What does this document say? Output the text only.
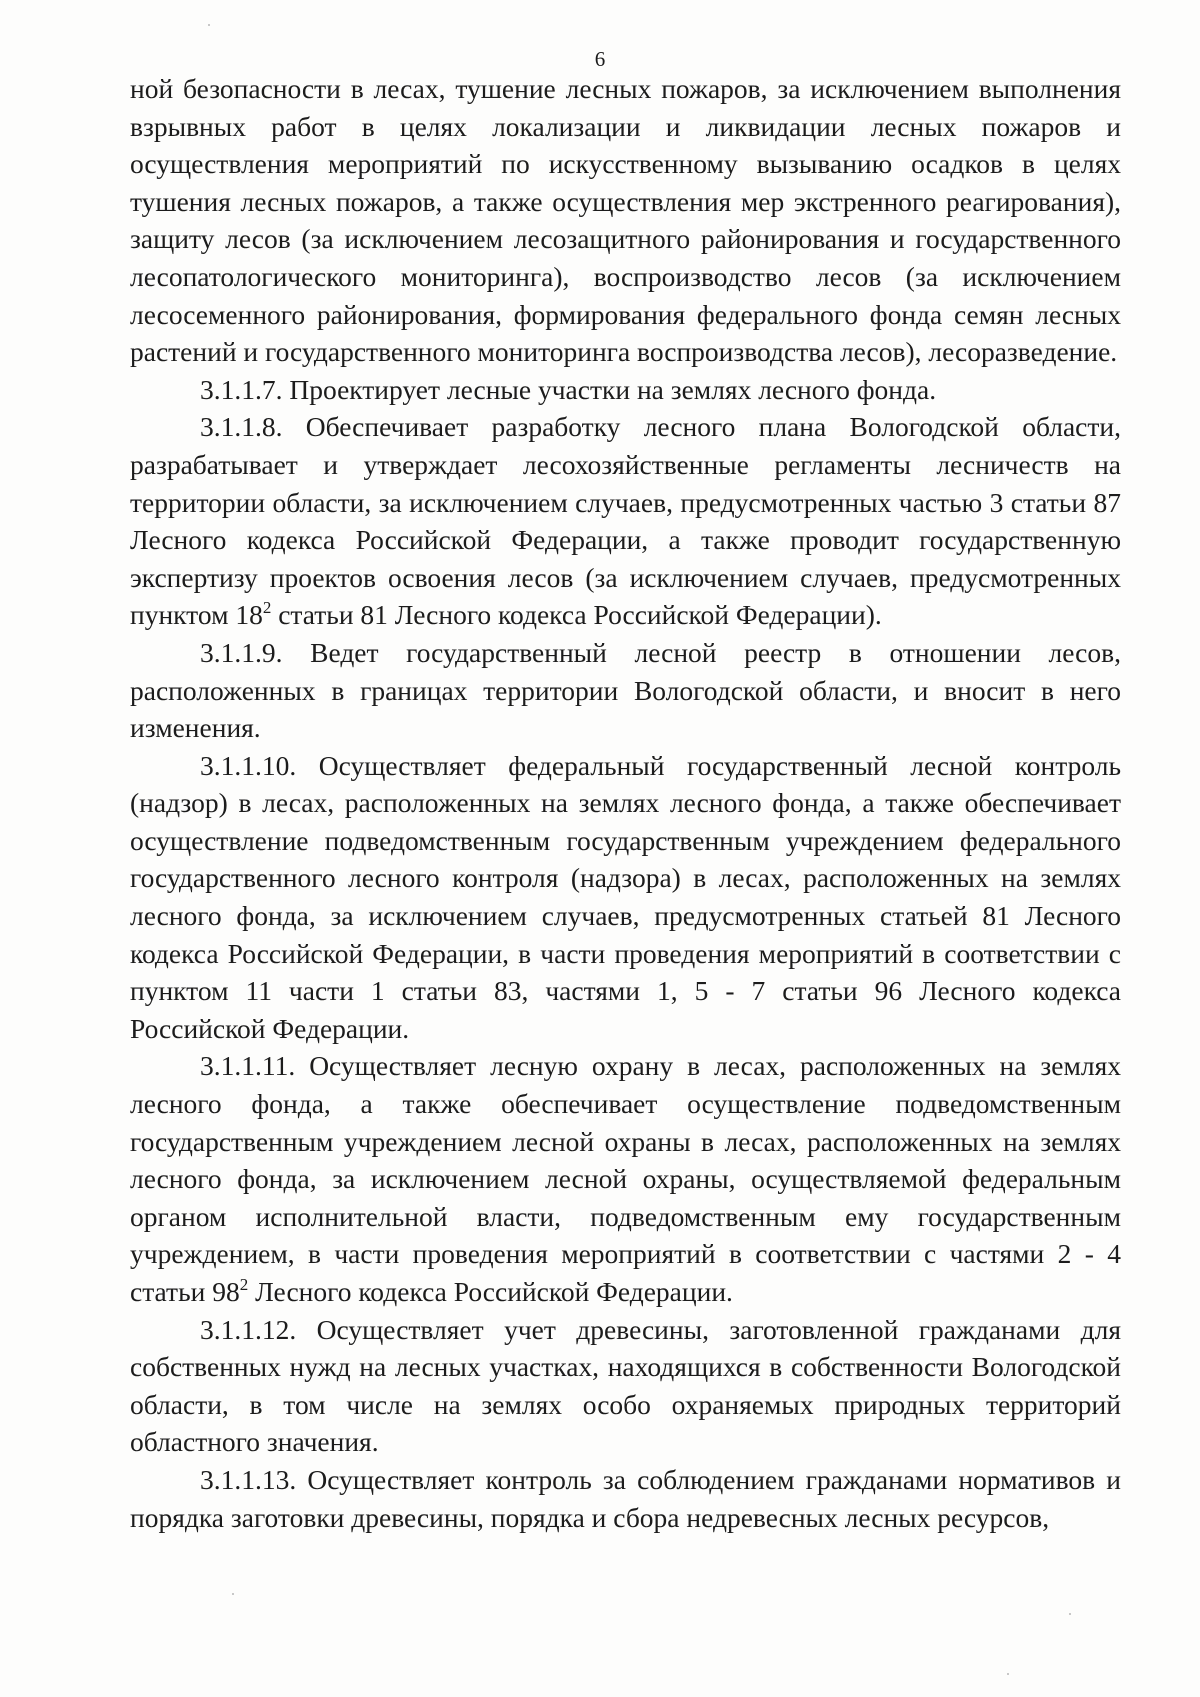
6

ной безопасности в лесах, тушение лесных пожаров, за исключением выполнения взрывных работ в целях локализации и ликвидации лесных пожаров и осуществления мероприятий по искусственному вызыванию осадков в целях тушения лесных пожаров, а также осуществления мер экстренного реагирования), защиту лесов (за исключением лесозащитного районирования и государственного лесопатологического мониторинга), воспроизводство лесов (за исключением лесосеменного районирования, формирования федерального фонда семян лесных растений и государственного мониторинга воспроизводства лесов), лесоразведение.

3.1.1.7. Проектирует лесные участки на землях лесного фонда.

3.1.1.8. Обеспечивает разработку лесного плана Вологодской области, разрабатывает и утверждает лесохозяйственные регламенты лесничеств на территории области, за исключением случаев, предусмотренных частью 3 статьи 87 Лесного кодекса Российской Федерации, а также проводит государственную экспертизу проектов освоения лесов (за исключением случаев, предусмотренных пунктом $18^2$ статьи 81 Лесного кодекса Российской Федерации).

3.1.1.9. Ведет государственный лесной реестр в отношении лесов, расположенных в границах территории Вологодской области, и вносит в него изменения.

3.1.1.10. Осуществляет федеральный государственный лесной контроль (надзор) в лесах, расположенных на землях лесного фонда, а также обеспечивает осуществление подведомственным государственным учреждением федерального государственного лесного контроля (надзора) в лесах, расположенных на землях лесного фонда, за исключением случаев, предусмотренных статьей 81 Лесного кодекса Российской Федерации, в части проведения мероприятий в соответствии с пунктом 11 части 1 статьи 83, частями 1, 5 - 7 статьи 96 Лесного кодекса Российской Федерации.

3.1.1.11. Осуществляет лесную охрану в лесах, расположенных на землях лесного фонда, а также обеспечивает осуществление подведомственным государственным учреждением лесной охраны в лесах, расположенных на землях лесного фонда, за исключением лесной охраны, осуществляемой федеральным органом исполнительной власти, подведомственным ему государственным учреждением, в части проведения мероприятий в соответствии с частями 2 - 4 статьи $98^2$ Лесного кодекса Российской Федерации.

3.1.1.12. Осуществляет учет древесины, заготовленной гражданами для собственных нужд на лесных участках, находящихся в собственности Вологодской области, в том числе на землях особо охраняемых природных территорий областного значения.

3.1.1.13. Осуществляет контроль за соблюдением гражданами нормативов и порядка заготовки древесины, порядка и сбора недревесных лесных ресурсов,
